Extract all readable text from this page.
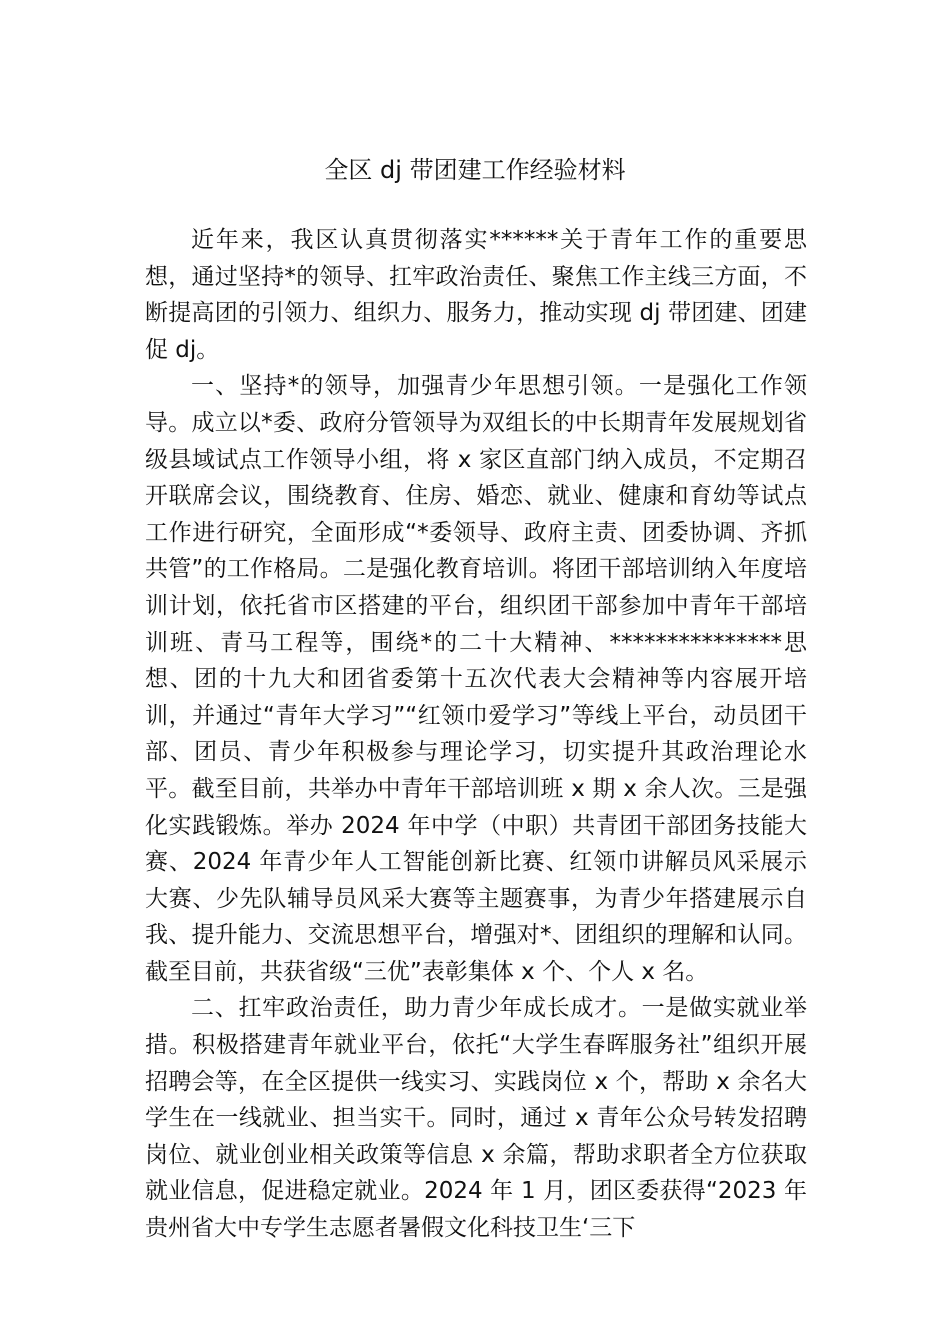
全区 dj 带团建工作经验材料

近年来，我区认真贯彻落实******关于青年工作的重要思想，通过坚持*的领导、扛牢政治责任、聚焦工作主线三方面，不断提高团的引领力、组织力、服务力，推动实现 dj 带团建、团建促 dj。

一、坚持*的领导，加强青少年思想引领。一是强化工作领导。成立以*委、政府分管领导为双组长的中长期青年发展规划省级县域试点工作领导小组，将 x 家区直部门纳入成员，不定期召开联席会议，围绕教育、住房、婚恋、就业、健康和育幼等试点工作进行研究，全面形成“*委领导、政府主责、团委协调、齐抓共管”的工作格局。二是强化教育培训。将团干部培训纳入年度培训计划，依托省市区搭建的平台，组织团干部参加中青年干部培训班、青马工程等，围绕*的二十大精神、***************思想、团的十九大和团省委第十五次代表大会精神等内容展开培训，并通过“青年大学习”“红领巾爱学习”等线上平台，动员团干部、团员、青少年积极参与理论学习，切实提升其政治理论水平。截至目前，共举办中青年干部培训班 x 期 x 余人次。三是强化实践锻炼。举办 2024 年中学（中职）共青团干部团务技能大赛、2024 年青少年人工智能创新比赛、红领巾讲解员风采展示大赛、少先队辅导员风采大赛等主题赛事，为青少年搭建展示自我、提升能力、交流思想平台，增强对*、团组织的理解和认同。截至目前，共获省级“三优”表彰集体 x 个、个人 x 名。

二、扛牢政治责任，助力青少年成长成才。一是做实就业举措。积极搭建青年就业平台，依托“大学生春晖服务社”组织开展招聘会等，在全区提供一线实习、实践岗位 x 个，帮助 x 余名大学生在一线就业、担当实干。同时，通过 x 青年公众号转发招聘岗位、就业创业相关政策等信息 x 余篇，帮助求职者全方位获取就业信息，促进稳定就业。2024 年 1 月，团区委获得“2023 年贵州省大中专学生志愿者暑假文化科技卫生‘三下
